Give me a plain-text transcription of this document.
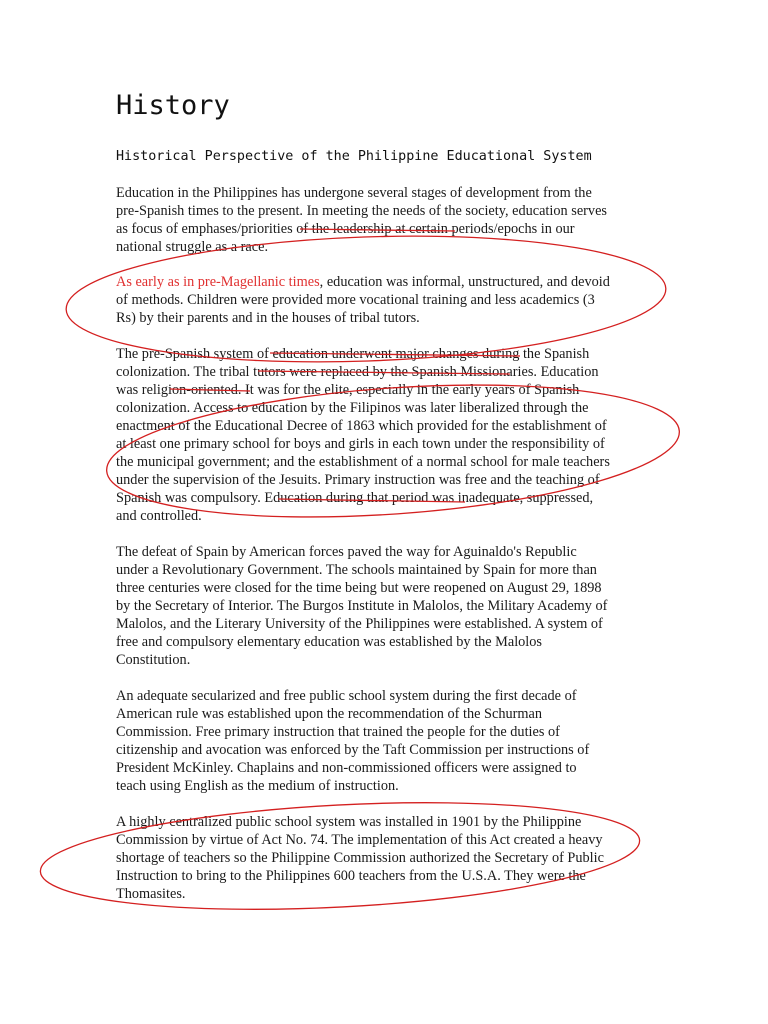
History
Historical Perspective of the Philippine Educational System

Education in the Philippines has undergone several stages of development from the
pre-Spanish times to the present. In meeting the needs of the society, education serves
as focus of emphases/priorities of the leadership at certain periods/epochs in our
national struggle as a race.

As early as in pre-Magellanic times, education was informal, unstructured, and devoid
of methods. Children were provided more vocational training and less academics (3
Rs) by their parents and in the houses of tribal tutors.

The pre-Spanish system of education underwent major changes during the Spanish
colonization. The tribal tutors were replaced by the Spanish Missionaries. Education
was religion-oriented. It was for the elite, especially in the early years of Spanish
colonization. Access to education by the Filipinos was later liberalized through the
enactment of the Educational Decree of 1863 which provided for the establishment of
at least one primary school for boys and girls in each town under the responsibility of
the municipal government; and the establishment of a normal school for male teachers
under the supervision of the Jesuits. Primary instruction was free and the teaching of
Spanish was compulsory. Education during that period was inadequate, suppressed,
and controlled.

The defeat of Spain by American forces paved the way for Aguinaldo's Republic
under a Revolutionary Government. The schools maintained by Spain for more than
three centuries were closed for the time being but were reopened on August 29, 1898
by the Secretary of Interior. The Burgos Institute in Malolos, the Military Academy of
Malolos, and the Literary University of the Philippines were established. A system of
free and compulsory elementary education was established by the Malolos
Constitution.

An adequate secularized and free public school system during the first decade of
American rule was established upon the recommendation of the Schurman
Commission. Free primary instruction that trained the people for the duties of
citizenship and avocation was enforced by the Taft Commission per instructions of
President McKinley. Chaplains and non-commissioned officers were assigned to
teach using English as the medium of instruction.

A highly centralized public school system was installed in 1901 by the Philippine
Commission by virtue of Act No. 74. The implementation of this Act created a heavy
shortage of teachers so the Philippine Commission authorized the Secretary of Public
Instruction to bring to the Philippines 600 teachers from the U.S.A. They were the
Thomasites.
